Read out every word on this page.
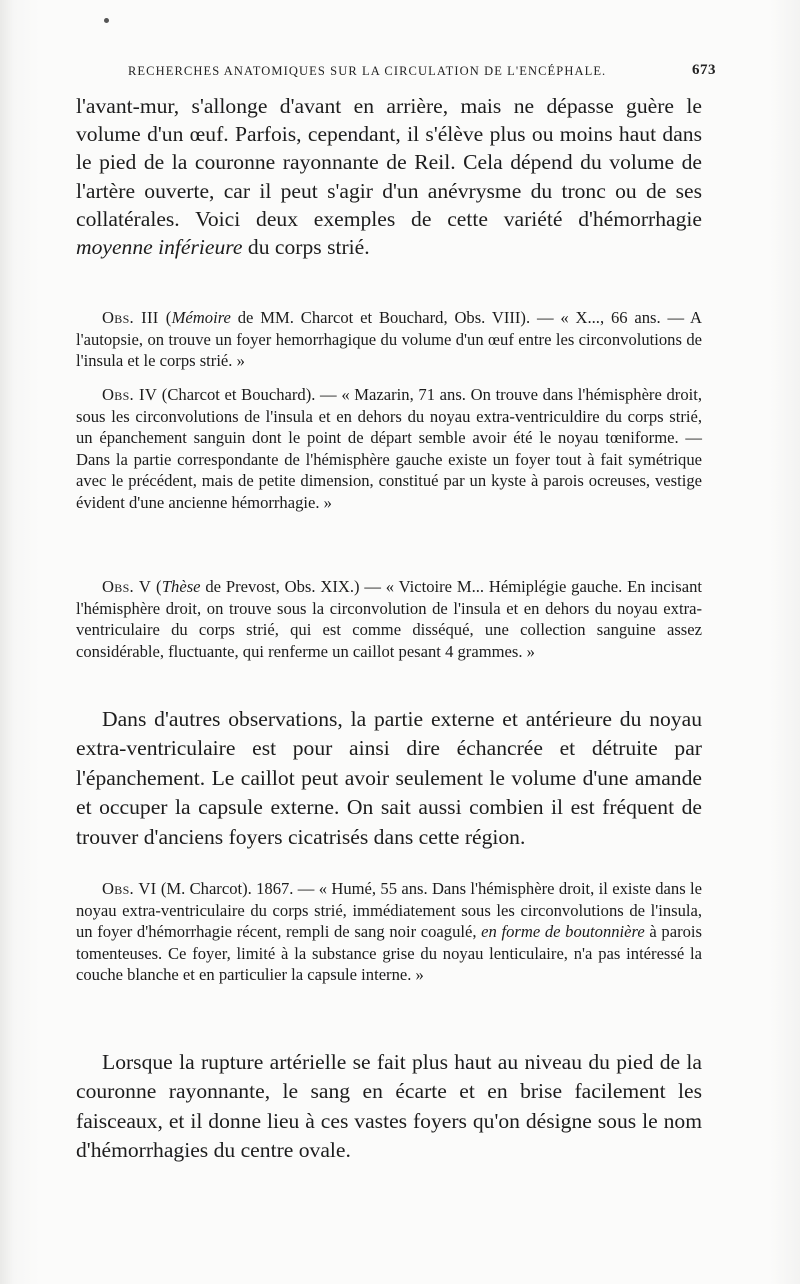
RECHERCHES ANATOMIQUES SUR LA CIRCULATION DE L'ENCÉPHALE.	673

l'avant-mur, s'allonge d'avant en arrière, mais ne dépasse guère le volume d'un œuf. Parfois, cependant, il s'élève plus ou moins haut dans le pied de la couronne rayonnante de Reil. Cela dépend du volume de l'artère ouverte, car il peut s'agir d'un anévrysme du tronc ou de ses collatérales. Voici deux exemples de cette variété d'hémorrhagie moyenne inférieure du corps strié.

Obs. III (Mémoire de MM. Charcot et Bouchard, Obs. VIII). — « X..., 66 ans. — A l'autopsie, on trouve un foyer hemorrhagique du volume d'un œuf entre les circonvolutions de l'insula et le corps strié. »

Obs. IV (Charcot et Bouchard). — « Mazarin, 71 ans. On trouve dans l'hémisphère droit, sous les circonvolutions de l'insula et en dehors du noyau extra-ventriculdire du corps strié, un épanchement sanguin dont le point de départ semble avoir été le noyau tœniforme. — Dans la partie correspondante de l'hémisphère gauche existe un foyer tout à fait symétrique avec le précédent, mais de petite dimension, constitué par un kyste à parois ocreuses, vestige évident d'une ancienne hémorrhagie. »

Obs. V (Thèse de Prevost, Obs. XIX.) — « Victoire M... Hémiplégie gauche. En incisant l'hémisphère droit, on trouve sous la circonvolution de l'insula et en dehors du noyau extra-ventriculaire du corps strié, qui est comme disséqué, une collection sanguine assez considérable, fluctuante, qui renferme un caillot pesant 4 grammes. »

Dans d'autres observations, la partie externe et antérieure du noyau extra-ventriculaire est pour ainsi dire échancrée et détruite par l'épanchement. Le caillot peut avoir seulement le volume d'une amande et occuper la capsule externe. On sait aussi combien il est fréquent de trouver d'anciens foyers cicatrisés dans cette région.

Obs. VI (M. Charcot). 1867. — « Humé, 55 ans. Dans l'hémisphère droit, il existe dans le noyau extra-ventriculaire du corps strié, immédiatement sous les circonvolutions de l'insula, un foyer d'hémorrhagie récent, rempli de sang noir coagulé, en forme de boutonnière à parois tomenteuses. Ce foyer, limité à la substance grise du noyau lenticulaire, n'a pas intéressé la couche blanche et en particulier la capsule interne. »

Lorsque la rupture artérielle se fait plus haut au niveau du pied de la couronne rayonnante, le sang en écarte et en brise facilement les faisceaux, et il donne lieu à ces vastes foyers qu'on désigne sous le nom d'hémorrhagies du centre ovale.
